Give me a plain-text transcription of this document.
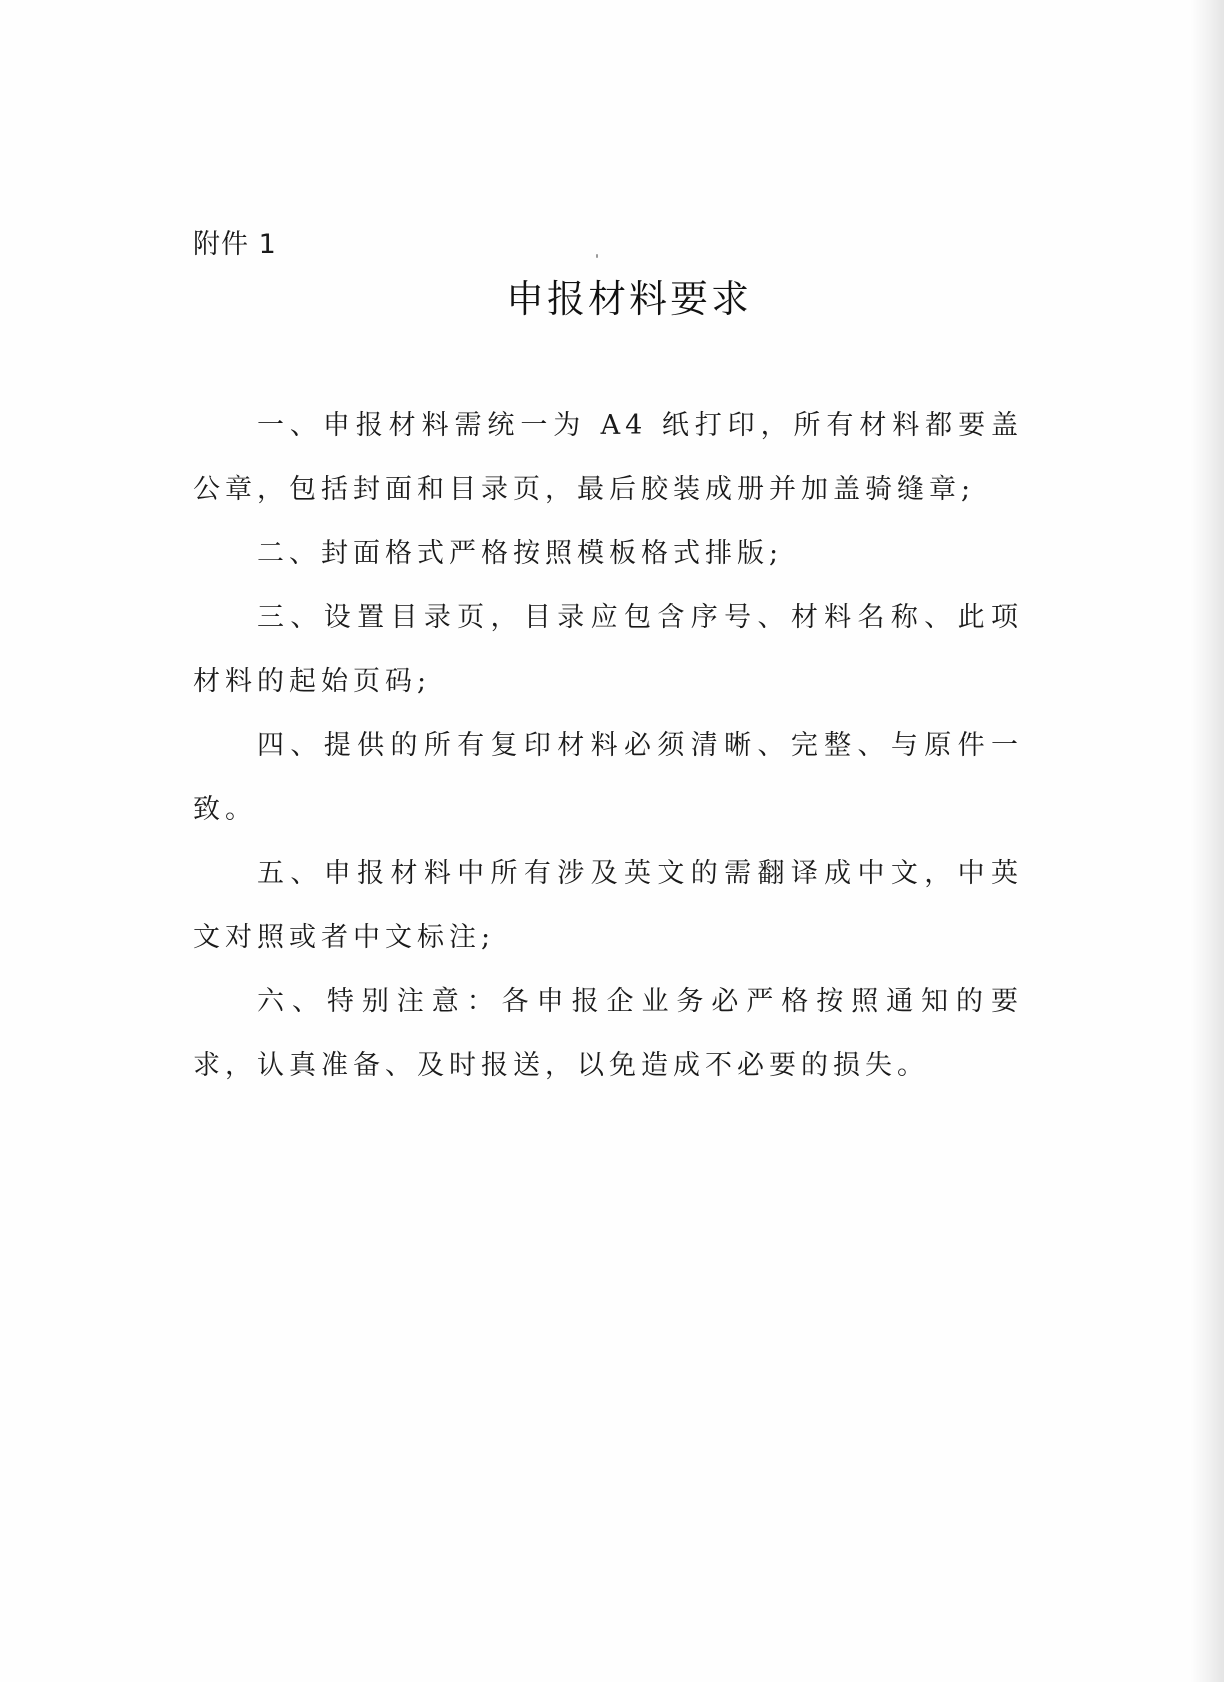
附件 1
申报材料要求

一、申报材料需统一为 A4 纸打印，所有材料都要盖公章，包括封面和目录页，最后胶装成册并加盖骑缝章;

二、封面格式严格按照模板格式排版;

三、设置目录页，目录应包含序号、材料名称、此项材料的起始页码;

四、提供的所有复印材料必须清晰、完整、与原件一致。

五、申报材料中所有涉及英文的需翻译成中文，中英文对照或者中文标注;

六、特别注意：各申报企业务必严格按照通知的要求，认真准备、及时报送，以免造成不必要的损失。
